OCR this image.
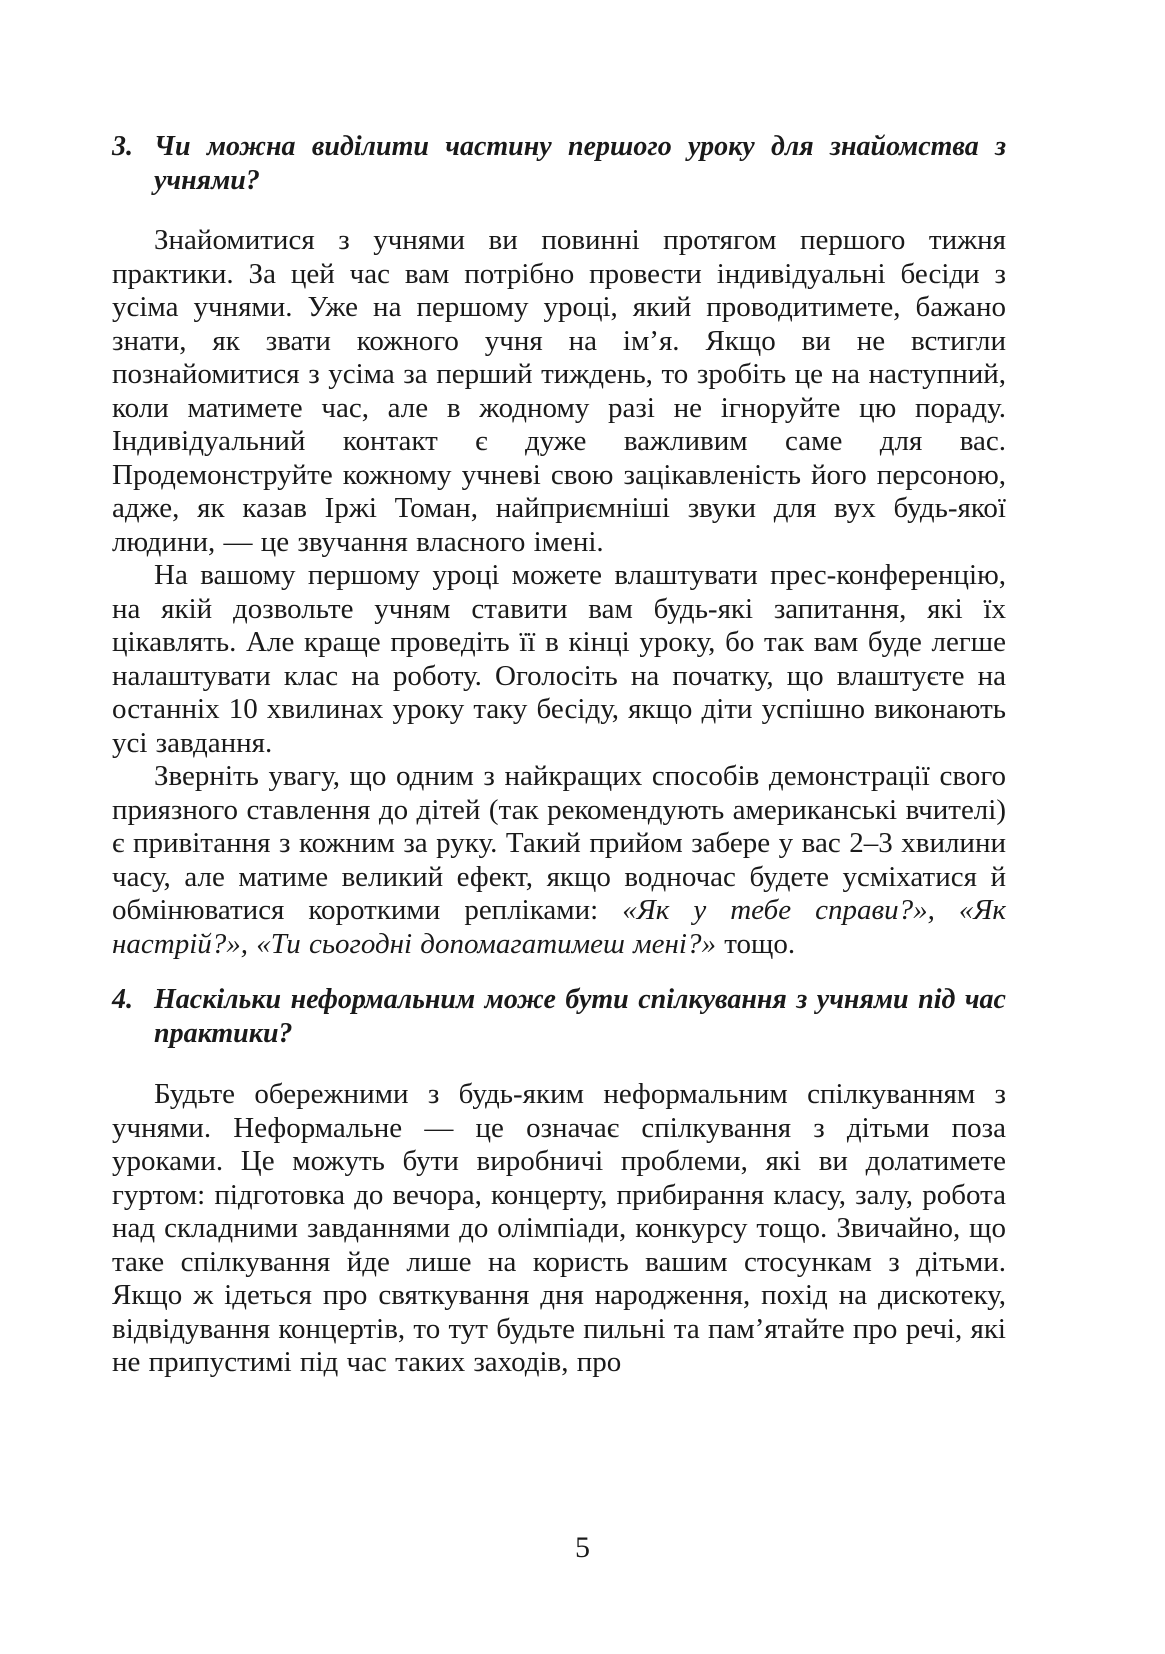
3. Чи можна виділити частину першого уроку для знайомства з учнями?

Знайомитися з учнями ви повинні протягом першого тижня практики. За цей час вам потрібно провести індивідуальні бесіди з усіма учнями. Уже на першому уроці, який проводитимете, бажано знати, як звати кожного учня на ім’я. Якщо ви не встигли познайомитися з усіма за перший тиждень, то зробіть це на наступний, коли матимете час, але в жодному разі не ігноруйте цю пораду. Індивідуальний контакт є дуже важливим саме для вас. Продемонструйте кожному учневі свою зацікавленість його персоною, адже, як казав Іржі Томан, найприємніші звуки для вух будь-якої людини, — це звучання власного імені.

На вашому першому уроці можете влаштувати прес-конференцію, на якій дозвольте учням ставити вам будь-які запитання, які їх цікавлять. Але краще проведіть її в кінці уроку, бо так вам буде легше налаштувати клас на роботу. Оголосіть на початку, що влаштуєте на останніх 10 хвилинах уроку таку бесіду, якщо діти успішно виконають усі завдання.

Зверніть увагу, що одним з найкращих способів демонстрації свого приязного ставлення до дітей (так рекомендують американські вчителі) є привітання з кожним за руку. Такий прийом забере у вас 2–3 хвилини часу, але матиме великий ефект, якщо водночас будете усміхатися й обмінюватися короткими репліками: «Як у тебе справи?», «Як настрій?», «Ти сьогодні допомагатимеш мені?» тощо.

4. Наскільки неформальним може бути спілкування з учнями під час практики?

Будьте обережними з будь-яким неформальним спілкуванням з учнями. Неформальне — це означає спілкування з дітьми поза уроками. Це можуть бути виробничі проблеми, які ви долатимете гуртом: підготовка до вечора, концерту, прибирання класу, залу, робота над складними завданнями до олімпіади, конкурсу тощо. Звичайно, що таке спілкування йде лише на користь вашим стосункам з дітьми. Якщо ж ідеться про святкування дня народження, похід на дискотеку, відвідування концертів, то тут будьте пильні та пам’ятайте про речі, які не припустимі під час таких заходів, про

5
